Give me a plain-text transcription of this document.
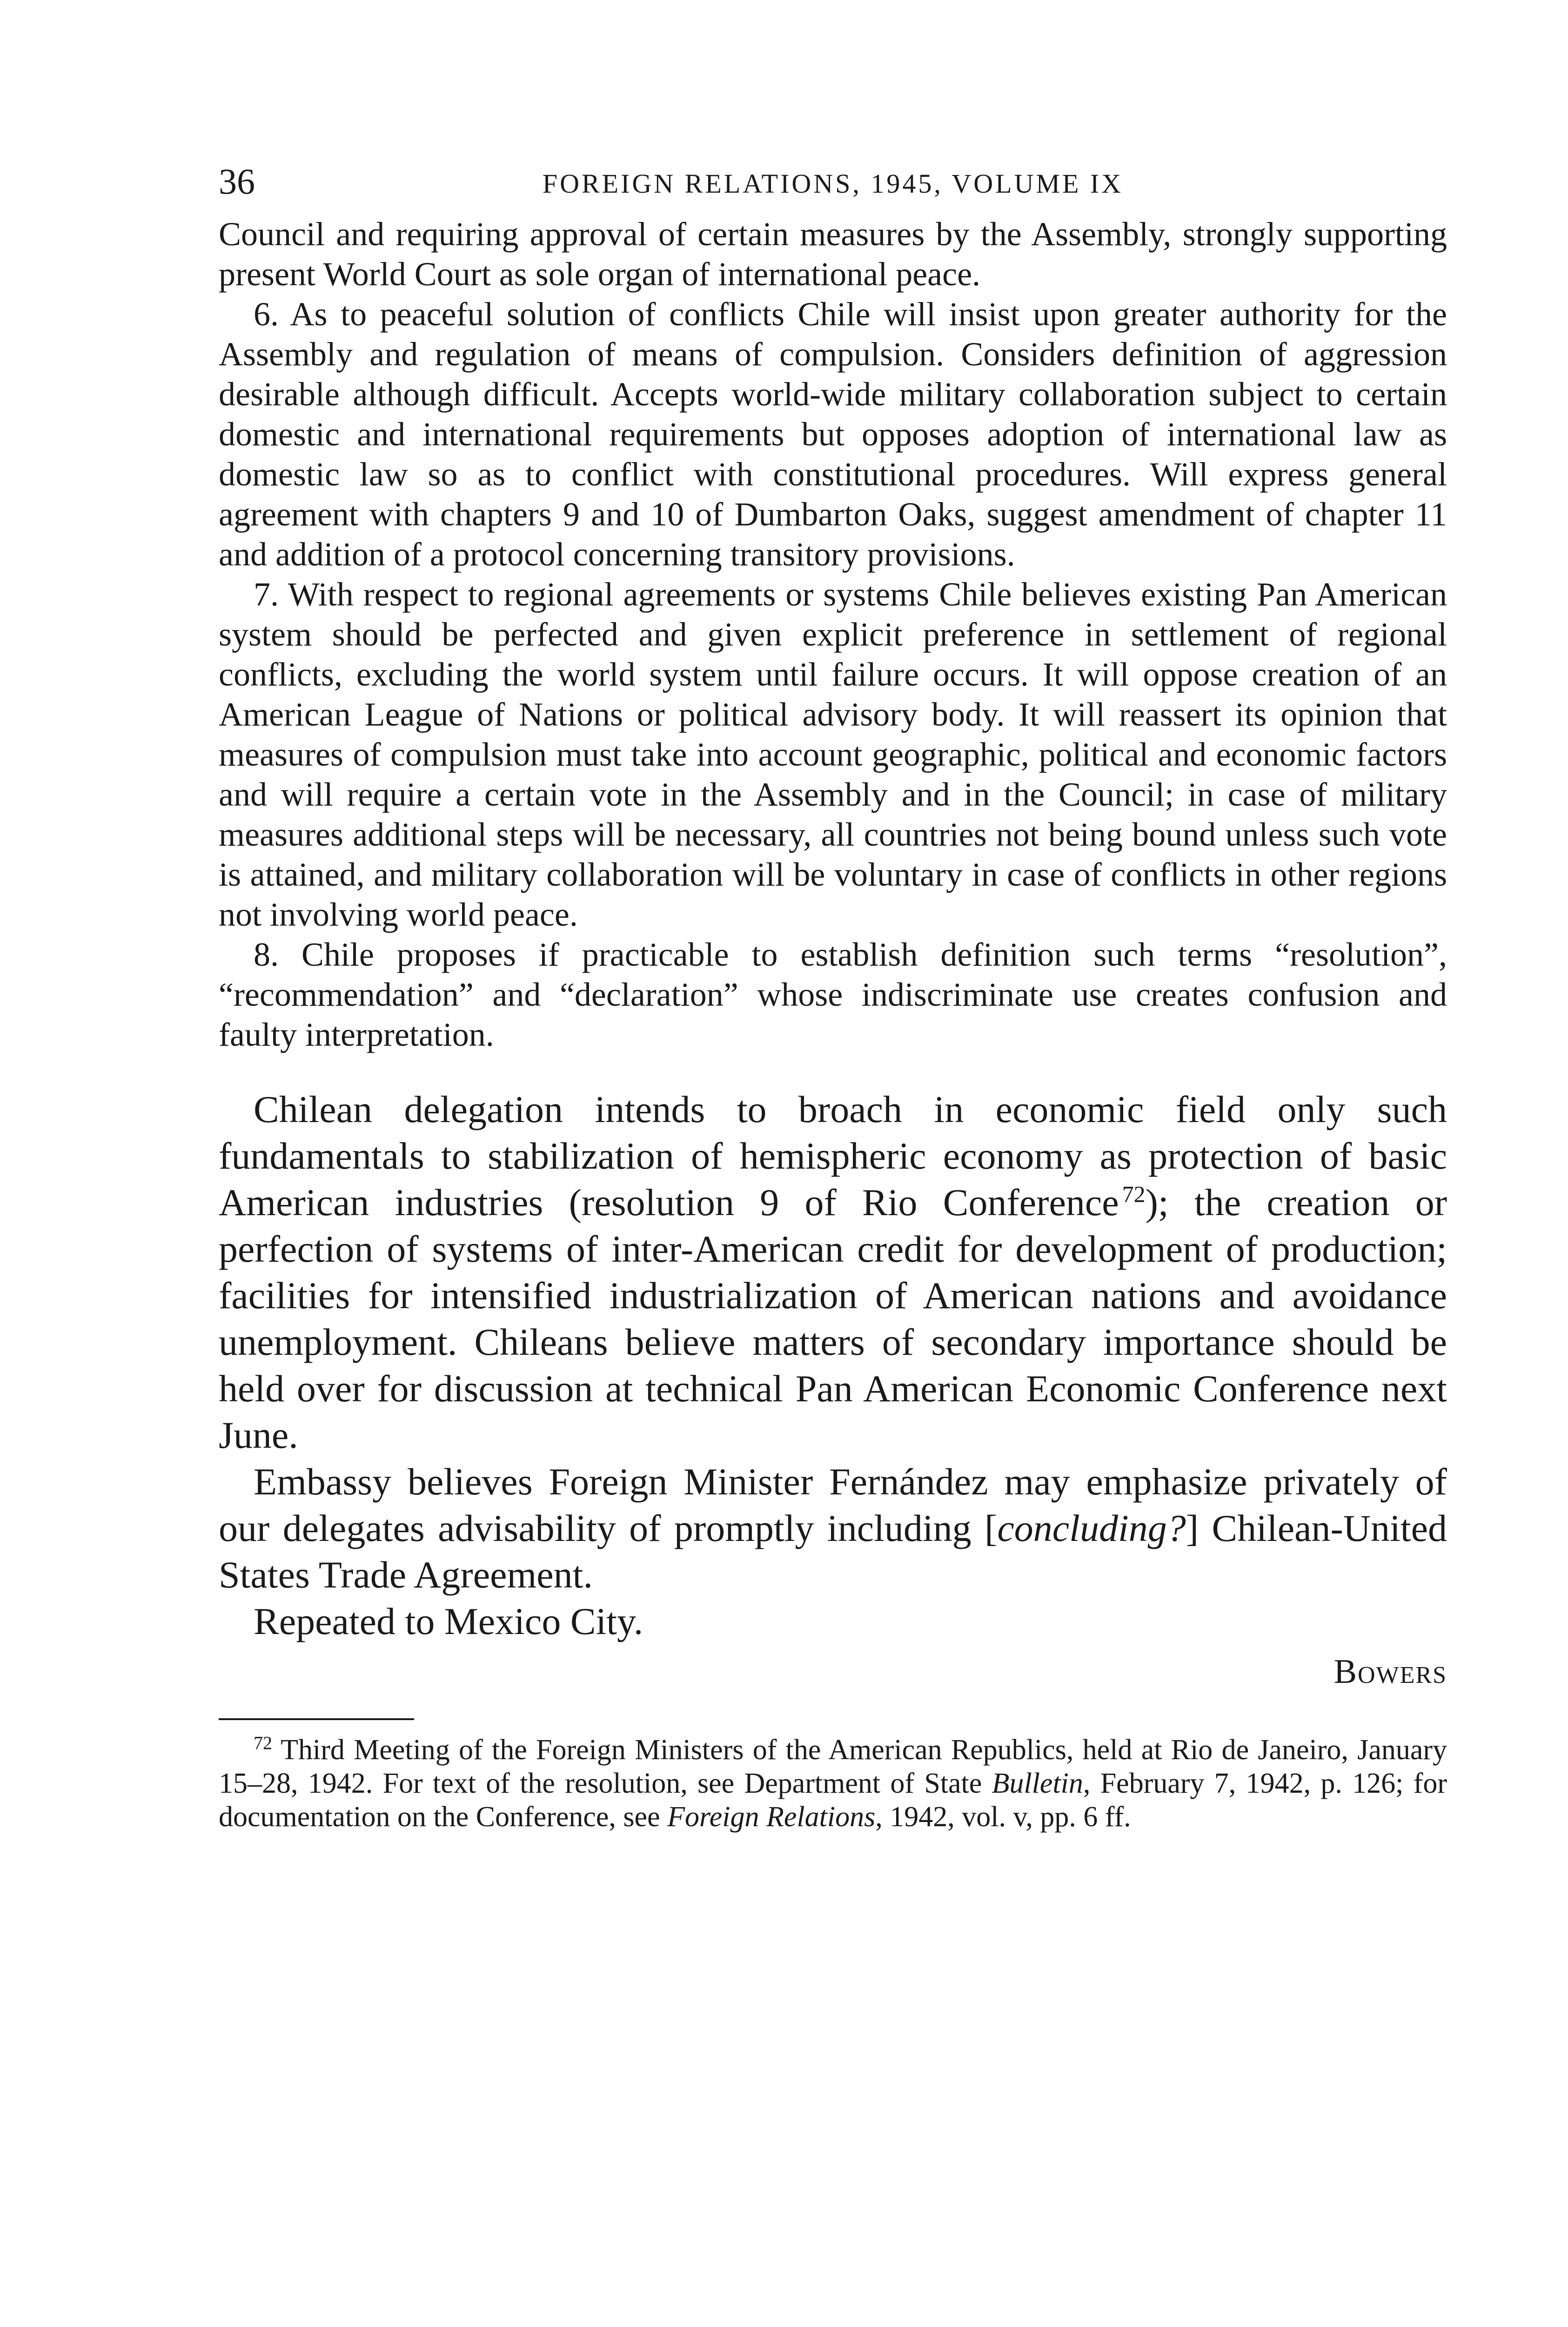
36	FOREIGN RELATIONS, 1945, VOLUME IX

Council and requiring approval of certain measures by the Assembly, strongly supporting present World Court as sole organ of international peace.

6. As to peaceful solution of conflicts Chile will insist upon greater authority for the Assembly and regulation of means of compulsion. Considers definition of aggression desirable although difficult. Accepts world-wide military collaboration subject to certain domestic and international requirements but opposes adoption of international law as domestic law so as to conflict with constitutional procedures. Will express general agreement with chapters 9 and 10 of Dumbarton Oaks, suggest amendment of chapter 11 and addition of a protocol concerning transitory provisions.

7. With respect to regional agreements or systems Chile believes existing Pan American system should be perfected and given explicit preference in settlement of regional conflicts, excluding the world system until failure occurs. It will oppose creation of an American League of Nations or political advisory body. It will reassert its opinion that measures of compulsion must take into account geographic, political and economic factors and will require a certain vote in the Assembly and in the Council; in case of military measures additional steps will be necessary, all countries not being bound unless such vote is attained, and military collaboration will be voluntary in case of conflicts in other regions not involving world peace.

8. Chile proposes if practicable to establish definition such terms “resolution”, “recommendation” and “declaration” whose indiscriminate use creates confusion and faulty interpretation.

Chilean delegation intends to broach in economic field only such fundamentals to stabilization of hemispheric economy as protection of basic American industries (resolution 9 of Rio Conference  $^{72}$); the creation or perfection of systems of inter-American credit for development of production; facilities for intensified industrialization of American nations and avoidance unemployment. Chileans believe matters of secondary importance should be held over for discussion at technical Pan American Economic Conference next June.

Embassy believes Foreign Minister Fernández may emphasize privately of our delegates advisability of promptly including [concluding?] Chilean-United States Trade Agreement.

Repeated to Mexico City.

Bowers

$^{72}$ Third Meeting of the Foreign Ministers of the American Republics, held at Rio de Janeiro, January 15–28, 1942. For text of the resolution, see Department of State Bulletin, February 7, 1942, p. 126; for documentation on the Conference, see Foreign Relations, 1942, vol. v, pp. 6 ff.
